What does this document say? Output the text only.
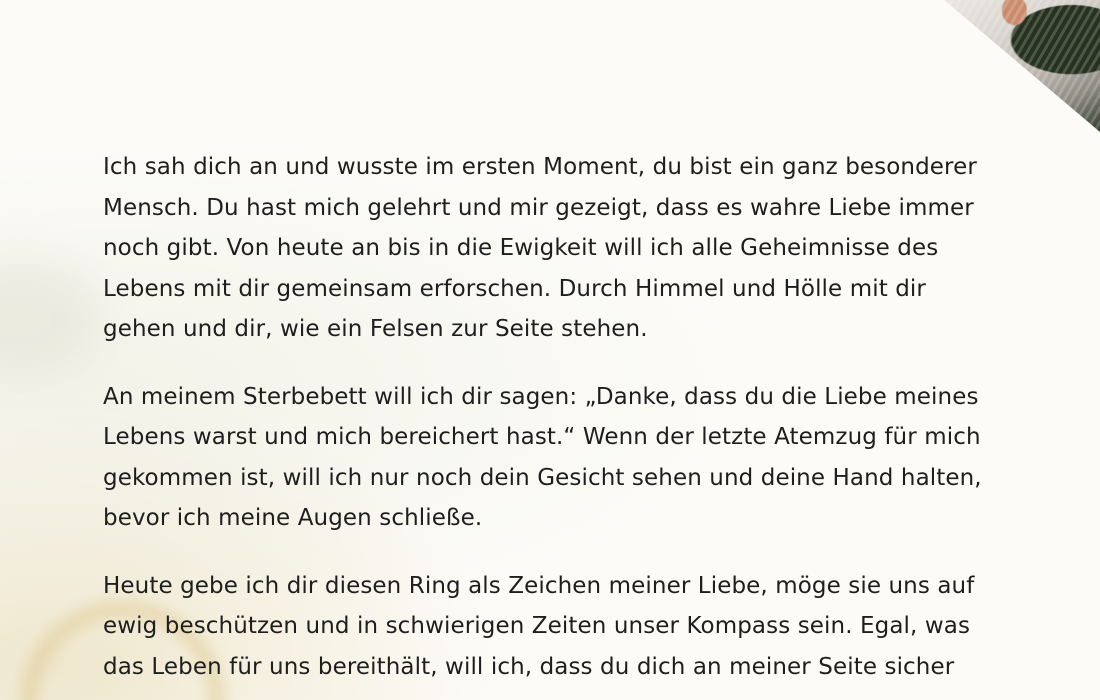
Ich sah dich an und wusste im ersten Moment, du bist ein ganz besonderer
Mensch. Du hast mich gelehrt und mir gezeigt, dass es wahre Liebe immer
noch gibt. Von heute an bis in die Ewigkeit will ich alle Geheimnisse des
Lebens mit dir gemeinsam erforschen. Durch Himmel und Hölle mit dir
gehen und dir, wie ein Felsen zur Seite stehen.

An meinem Sterbebett will ich dir sagen: „Danke, dass du die Liebe meines
Lebens warst und mich bereichert hast.“ Wenn der letzte Atemzug für mich
gekommen ist, will ich nur noch dein Gesicht sehen und deine Hand halten,
bevor ich meine Augen schließe.

Heute gebe ich dir diesen Ring als Zeichen meiner Liebe, möge sie uns auf
ewig beschützen und in schwierigen Zeiten unser Kompass sein. Egal, was
das Leben für uns bereithält, will ich, dass du dich an meiner Seite sicher
